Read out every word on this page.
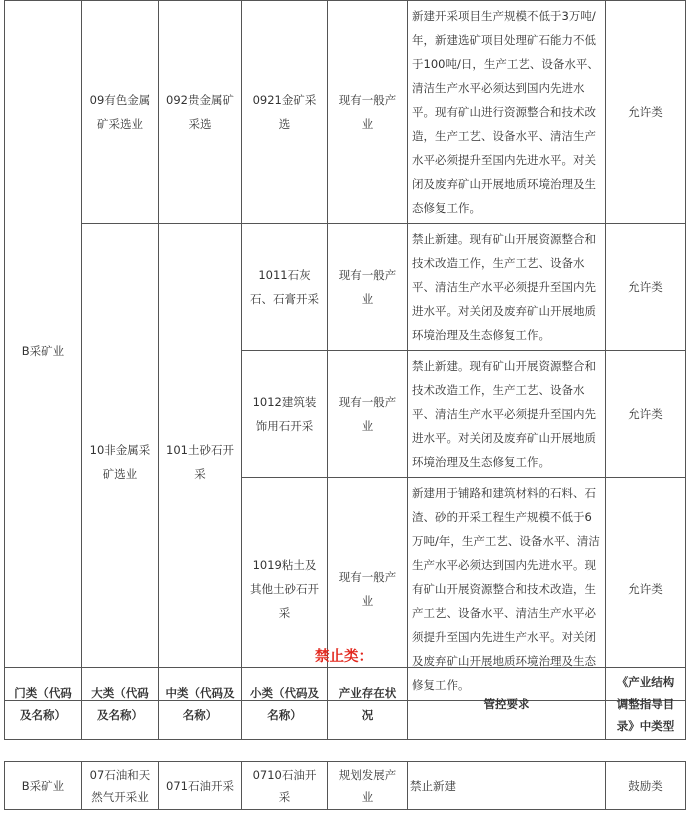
B采矿业	09有色金属矿采选业	092贵金属矿采选	0921金矿采选	现有一般产业	新建开采项目生产规模不低于3万吨/年，新建选矿项目处理矿石能力不低于100吨/日，生产工艺、设备水平、清洁生产水平必须达到国内先进水平。现有矿山进行资源整合和技术改造，生产工艺、设备水平、清洁生产水平必须提升至国内先进水平。对关闭及废弃矿山开展地质环境治理及生态修复工作。	允许类
	10非金属采矿选业	101土砂石开采	1011石灰石、石膏开采	现有一般产业	禁止新建。现有矿山开展资源整合和技术改造工作，生产工艺、设备水平、清洁生产水平必须提升至国内先进水平。对关闭及废弃矿山开展地质环境治理及生态修复工作。	允许类
			1012建筑装饰用石开采	现有一般产业	禁止新建。现有矿山开展资源整合和技术改造工作，生产工艺、设备水平、清洁生产水平必须提升至国内先进水平。对关闭及废弃矿山开展地质环境治理及生态修复工作。	允许类
			1019粘土及其他土砂石开采	现有一般产业	新建用于铺路和建筑材料的石料、石渣、砂的开采工程生产规模不低于6万吨/年，生产工艺、设备水平、清洁生产水平必须达到国内先进水平。现有矿山开展资源整合和技术改造，生产工艺、设备水平、清洁生产水平必须提升至国内先进生产水平。对关闭及废弃矿山开展地质环境治理及生态修复工作。	允许类
禁止类：
门类（代码及名称）	大类（代码及名称）	中类（代码及名称）	小类（代码及名称）	产业存在状况	管控要求	《产业结构调整指导目录》中类型

B采矿业	07石油和天然气开采业	071石油开采	0710石油开采	规划发展产业	禁止新建	鼓励类
